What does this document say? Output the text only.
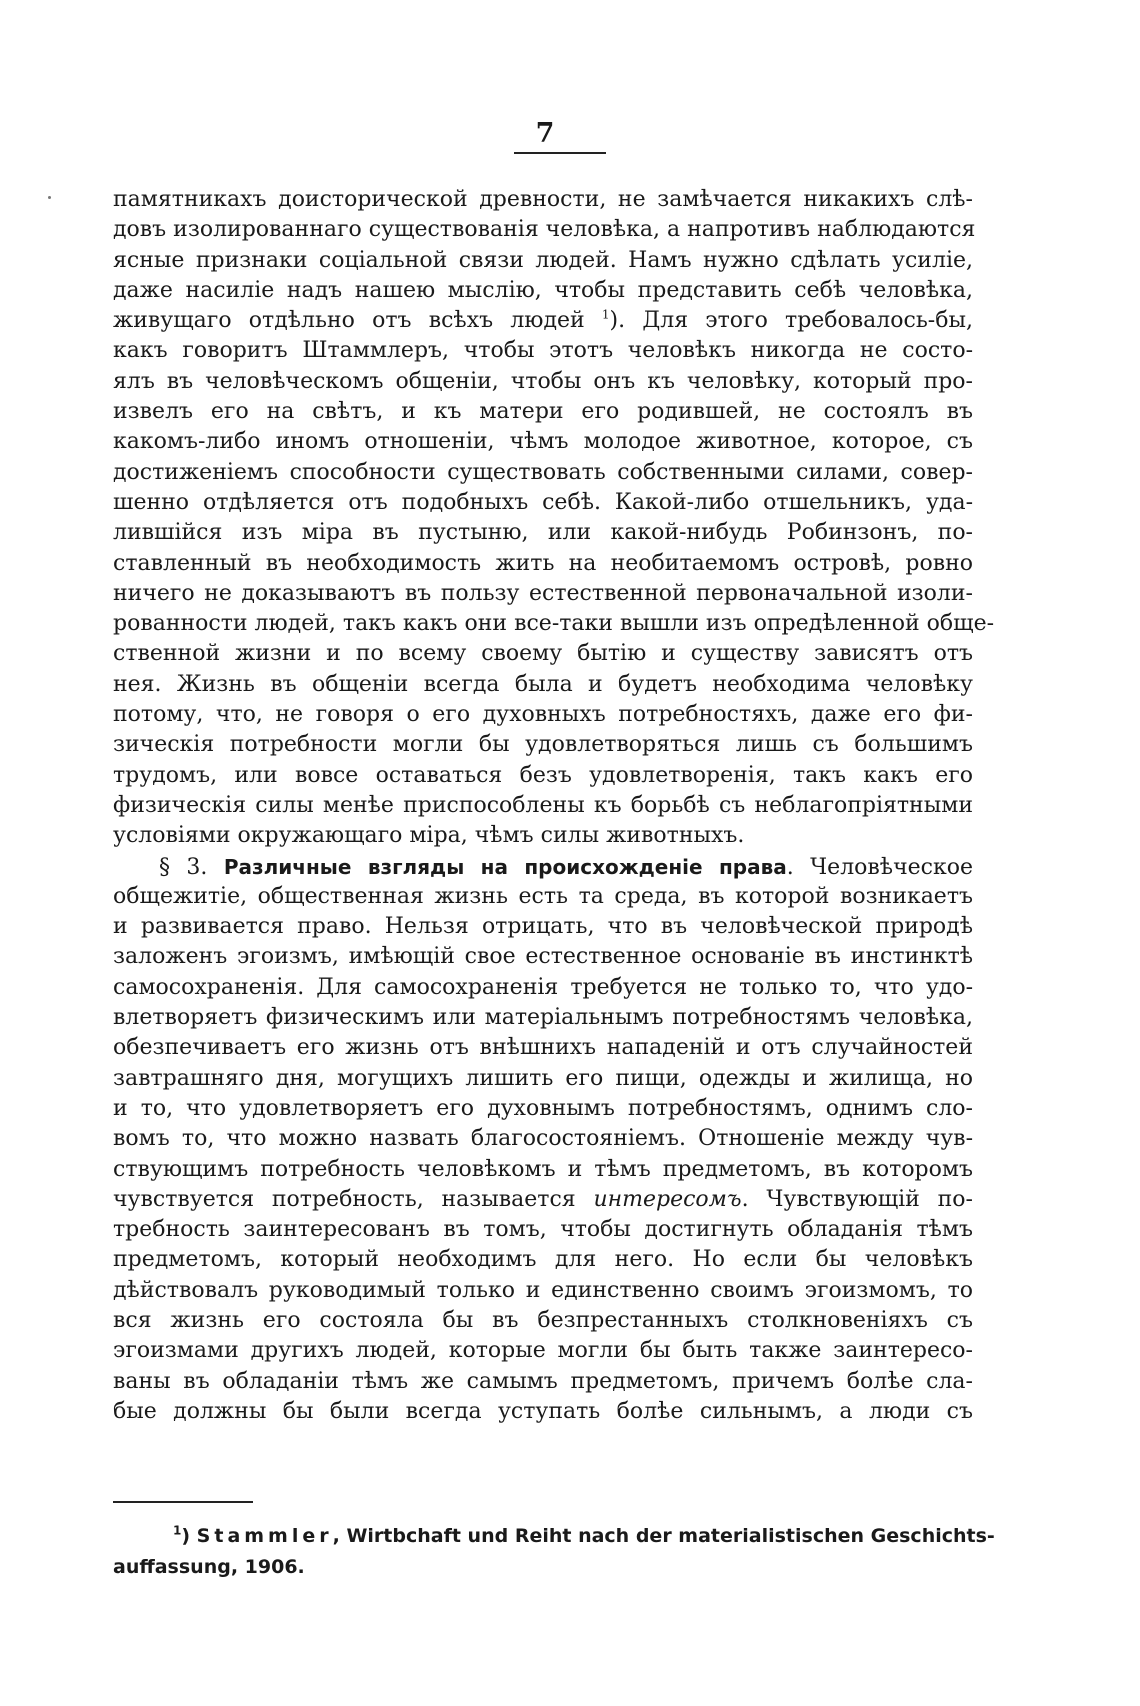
7
памятникахъ доисторической древности, не замѣчается никакихъ слѣ-
довъ изолированнаго существованія человѣка, а напротивъ наблюдаются
ясные признаки соціальной связи людей. Намъ нужно сдѣлать усиліе,
даже насиліе надъ нашею мыслію, чтобы представить себѣ человѣка,
живущаго отдѣльно отъ всѣхъ людей $^1$). Для этого требовалось-бы,
какъ говоритъ Штаммлеръ, чтобы этотъ человѣкъ никогда не состо-
ялъ въ человѣческомъ общеніи, чтобы онъ къ человѣку, который про-
извелъ его на свѣтъ, и къ матери его родившей, не состоялъ въ
какомъ-либо иномъ отношеніи, чѣмъ молодое животное, которое, съ
достиженіемъ способности существовать собственными силами, совер-
шенно отдѣляется отъ подобныхъ себѣ. Какой-либо отшельникъ, уда-
лившійся изъ міра въ пустыню, или какой-нибудь Робинзонъ, по-
ставленный въ необходимость жить на необитаемомъ островѣ, ровно
ничего не доказываютъ въ пользу естественной первоначальной изоли-
рованности людей, такъ какъ они все-таки вышли изъ опредѣленной обще-
ственной жизни и по всему своему бытію и существу зависятъ отъ
нея. Жизнь въ общеніи всегда была и будетъ необходима человѣку
потому, что, не говоря о его духовныхъ потребностяхъ, даже его фи-
зическія потребности могли бы удовлетворяться лишь съ большимъ
трудомъ, или вовсе оставаться безъ удовлетворенія, такъ какъ его
физическія силы менѣе приспособлены къ борьбѣ съ неблагопріятными
условіями окружающаго міра, чѣмъ силы животныхъ.
§ 3. Различные взгляды на происхожденіе права. Человѣческое
общежитіе, общественная жизнь есть та среда, въ которой возникаетъ
и развивается право. Нельзя отрицать, что въ человѣческой природѣ
заложенъ эгоизмъ, имѣющій свое естественное основаніе въ инстинктѣ
самосохраненія. Для самосохраненія требуется не только то, что удо-
влетворяетъ физическимъ или матеріальнымъ потребностямъ человѣка,
обезпечиваетъ его жизнь отъ внѣшнихъ нападеній и отъ случайностей
завтрашняго дня, могущихъ лишить его пищи, одежды и жилища, но
и то, что удовлетворяетъ его духовнымъ потребностямъ, однимъ сло-
вомъ то, что можно назвать благосостояніемъ. Отношеніе между чув-
ствующимъ потребность человѣкомъ и тѣмъ предметомъ, въ которомъ
чувствуется потребность, называется интересомъ. Чувствующій по-
требность заинтересованъ въ томъ, чтобы достигнуть обладанія тѣмъ
предметомъ, который необходимъ для него. Но если бы человѣкъ
дѣйствовалъ руководимый только и единственно своимъ эгоизмомъ, то
вся жизнь его состояла бы въ безпрестанныхъ столкновеніяхъ съ
эгоизмами другихъ людей, которые могли бы быть также заинтересо-
ваны въ обладаніи тѣмъ же самымъ предметомъ, причемъ болѣе сла-
бые должны бы были всегда уступать болѣе сильнымъ, а люди съ
$^1$) Stammler, Wirtbchaft und Reiht nach der materialistischen Geschichts-
auffassung, 1906.
